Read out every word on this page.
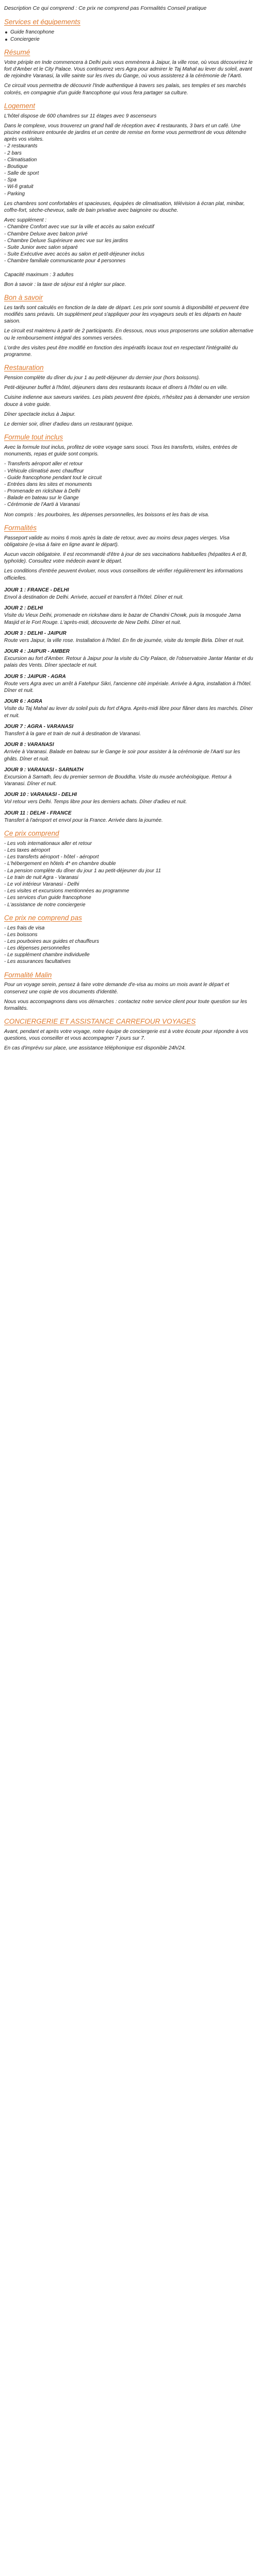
Description Ce qui comprend : Ce prix ne comprend pas Formalités Conseil pratique

Services et équipements
Guide francophone
Conciergerie
Résumé

Votre périple en Inde commencera à Delhi puis vous emmènera à Jaipur, la ville rose, où vous découvrirez le fort d'Amber et le City Palace. Vous continuerez vers Agra pour admirer le Taj Mahal au lever du soleil, avant de rejoindre Varanasi, la ville sainte sur les rives du Gange, où vous assisterez à la cérémonie de l'Aarti.

Ce circuit vous permettra de découvrir l'Inde authentique à travers ses palais, ses temples et ses marchés colorés, en compagnie d'un guide francophone qui vous fera partager sa culture.

Logement

L'hôtel dispose de 600 chambres sur 11 étages avec 9 ascenseurs

Dans le complexe, vous trouverez un grand hall de réception avec 4 restaurants, 3 bars et un café. Une piscine extérieure entourée de jardins et un centre de remise en forme vous permettront de vous détendre après vos visites.
- 2 restaurants
- 2 bars
- Climatisation
- Boutique
- Salle de sport
- Spa
- Wi-fi gratuit
- Parking

Les chambres sont confortables et spacieuses, équipées de climatisation, télévision à écran plat, minibar, coffre-fort, sèche-cheveux, salle de bain privative avec baignoire ou douche.

Avec supplément :
- Chambre Confort avec vue sur la ville et accès au salon exécutif
- Chambre Deluxe avec balcon privé
- Chambre Deluxe Supérieure avec vue sur les jardins
- Suite Junior avec salon séparé
- Suite Exécutive avec accès au salon et petit-déjeuner inclus
- Chambre familiale communicante pour 4 personnes

Capacité maximum : 3 adultes

Bon à savoir : la taxe de séjour est à régler sur place.

Bon à savoir

Les tarifs sont calculés en fonction de la date de départ. Les prix sont soumis à disponibilité et peuvent être modifiés sans préavis. Un supplément peut s'appliquer pour les voyageurs seuls et les départs en haute saison.

Le circuit est maintenu à partir de 2 participants. En dessous, nous vous proposerons une solution alternative ou le remboursement intégral des sommes versées.

L'ordre des visites peut être modifié en fonction des impératifs locaux tout en respectant l'intégralité du programme.

Restauration

Pension complète du dîner du jour 1 au petit-déjeuner du dernier jour (hors boissons).

Petit-déjeuner buffet à l'hôtel, déjeuners dans des restaurants locaux et dîners à l'hôtel ou en ville.

Cuisine indienne aux saveurs variées. Les plats peuvent être épicés, n'hésitez pas à demander une version douce à votre guide.

Dîner spectacle inclus à Jaipur.

Le dernier soir, dîner d'adieu dans un restaurant typique.

Formule tout inclus

Avec la formule tout inclus, profitez de votre voyage sans souci. Tous les transferts, visites, entrées de monuments, repas et guide sont compris.

- Transferts aéroport aller et retour
- Véhicule climatisé avec chauffeur
- Guide francophone pendant tout le circuit
- Entrées dans les sites et monuments
- Promenade en rickshaw à Delhi
- Balade en bateau sur le Gange
- Cérémonie de l'Aarti à Varanasi

Non compris : les pourboires, les dépenses personnelles, les boissons et les frais de visa.

Formalités

Passeport valide au moins 6 mois après la date de retour, avec au moins deux pages vierges. Visa obligatoire (e-visa à faire en ligne avant le départ).

Aucun vaccin obligatoire. Il est recommandé d'être à jour de ses vaccinations habituelles (hépatites A et B, typhoïde). Consultez votre médecin avant le départ.

Les conditions d'entrée peuvent évoluer, nous vous conseillons de vérifier régulièrement les informations officielles.

JOUR 1 : FRANCE - DELHI

Envol à destination de Delhi. Arrivée, accueil et transfert à l'hôtel. Dîner et nuit.

JOUR 2 : DELHI

Visite du Vieux Delhi, promenade en rickshaw dans le bazar de Chandni Chowk, puis la mosquée Jama Masjid et le Fort Rouge. L'après-midi, découverte de New Delhi. Dîner et nuit.

JOUR 3 : DELHI - JAIPUR

Route vers Jaipur, la ville rose. Installation à l'hôtel. En fin de journée, visite du temple Birla. Dîner et nuit.

JOUR 4 : JAIPUR - AMBER

Excursion au fort d'Amber. Retour à Jaipur pour la visite du City Palace, de l'observatoire Jantar Mantar et du palais des Vents. Dîner spectacle et nuit.

JOUR 5 : JAIPUR - AGRA

Route vers Agra avec un arrêt à Fatehpur Sikri, l'ancienne cité impériale. Arrivée à Agra, installation à l'hôtel. Dîner et nuit.

JOUR 6 : AGRA

Visite du Taj Mahal au lever du soleil puis du fort d'Agra. Après-midi libre pour flâner dans les marchés. Dîner et nuit.

JOUR 7 : AGRA - VARANASI

Transfert à la gare et train de nuit à destination de Varanasi.

JOUR 8 : VARANASI

Arrivée à Varanasi. Balade en bateau sur le Gange le soir pour assister à la cérémonie de l'Aarti sur les ghâts. Dîner et nuit.

JOUR 9 : VARANASI - SARNATH

Excursion à Sarnath, lieu du premier sermon de Bouddha. Visite du musée archéologique. Retour à Varanasi. Dîner et nuit.

JOUR 10 : VARANASI - DELHI

Vol retour vers Delhi. Temps libre pour les derniers achats. Dîner d'adieu et nuit.

JOUR 11 : DELHI - FRANCE

Transfert à l'aéroport et envol pour la France. Arrivée dans la journée.

Ce prix comprend

- Les vols internationaux aller et retour
- Les taxes aéroport
- Les transferts aéroport - hôtel - aéroport
- L'hébergement en hôtels 4* en chambre double
- La pension complète du dîner du jour 1 au petit-déjeuner du jour 11
- Le train de nuit Agra - Varanasi
- Le vol intérieur Varanasi - Delhi
- Les visites et excursions mentionnées au programme
- Les services d'un guide francophone
- L'assistance de notre conciergerie

Ce prix ne comprend pas

- Les frais de visa
- Les boissons
- Les pourboires aux guides et chauffeurs
- Les dépenses personnelles
- Le supplément chambre individuelle
- Les assurances facultatives

Formalité Malin

Pour un voyage serein, pensez à faire votre demande d'e-visa au moins un mois avant le départ et conservez une copie de vos documents d'identité.

Nous vous accompagnons dans vos démarches : contactez notre service client pour toute question sur les formalités.

CONCIERGERIE ET ASSISTANCE CARREFOUR VOYAGES

Avant, pendant et après votre voyage, notre équipe de conciergerie est à votre écoute pour répondre à vos questions, vous conseiller et vous accompagner 7 jours sur 7.

En cas d'imprévu sur place, une assistance téléphonique est disponible 24h/24.
